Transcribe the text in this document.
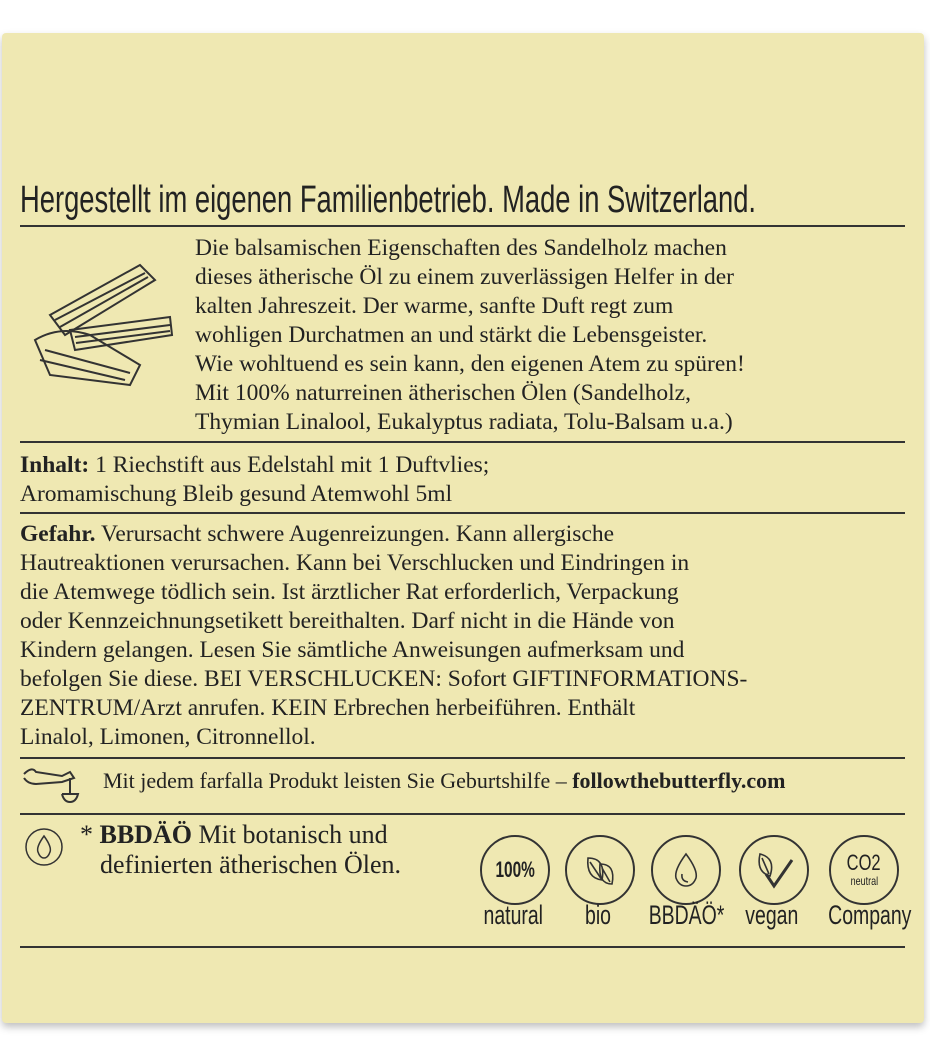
Hergestellt im eigenen Familienbetrieb. Made in Switzerland.
Die balsamischen Eigenschaften des Sandelholz machen
dieses ätherische Öl zu einem zuverlässigen Helfer in der
kalten Jahreszeit. Der warme, sanfte Duft regt zum
wohligen Durchatmen an und stärkt die Lebensgeister.
Wie wohltuend es sein kann, den eigenen Atem zu spüren!
Mit 100% naturreinen ätherischen Ölen (Sandelholz,
Thymian Linalool, Eukalyptus radiata, Tolu-Balsam u.a.)
Inhalt: 1 Riechstift aus Edelstahl mit 1 Duftvlies;
Aromamischung Bleib gesund Atemwohl 5ml
Gefahr. Verursacht schwere Augenreizungen. Kann allergische
Hautreaktionen verursachen. Kann bei Verschlucken und Eindringen in
die Atemwege tödlich sein. Ist ärztlicher Rat erforderlich, Verpackung
oder Kennzeichnungsetikett bereithalten. Darf nicht in die Hände von
Kindern gelangen. Lesen Sie sämtliche Anweisungen aufmerksam und
befolgen Sie diese. BEI VERSCHLUCKEN: Sofort GIFTINFORMATIONS-
ZENTRUM/Arzt anrufen. KEIN Erbrechen herbeiführen. Enthält
Linalol, Limonen, Citronnellol.
Mit jedem farfalla Produkt leisten Sie Geburtshilfe – followthebutterfly.com
* BBDÄÖ Mit botanisch und
definierten ätherischen Ölen.	100%	CO2
neutral
natural	bio	BBDÄÖ* vegan	Company
